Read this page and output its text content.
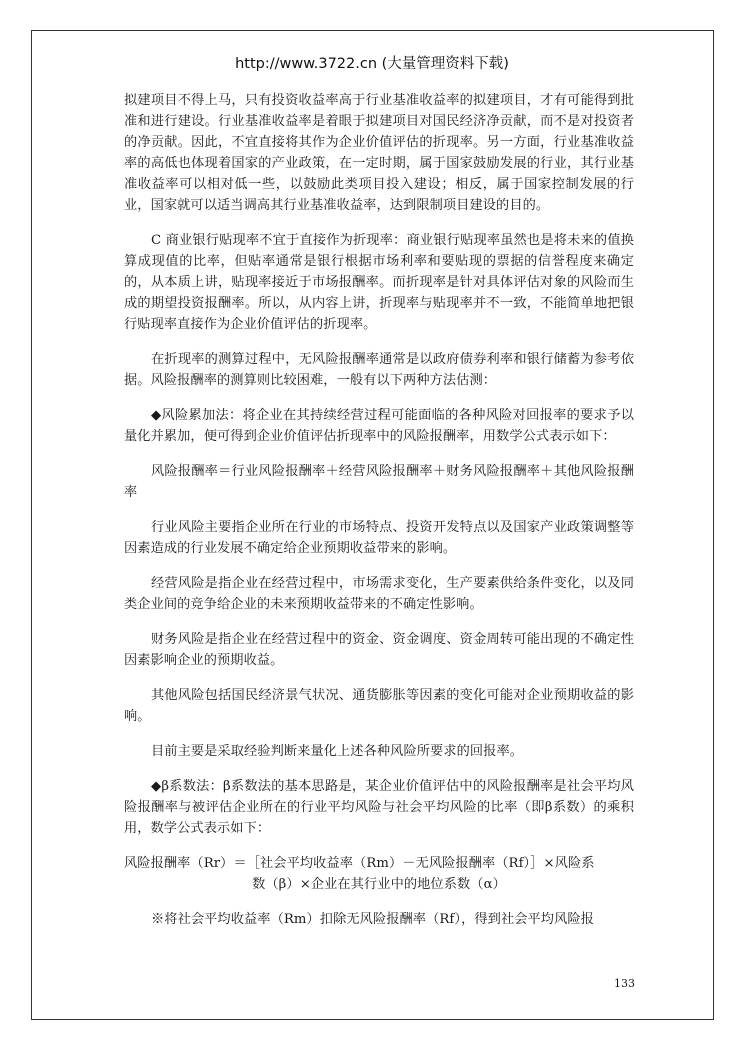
http://www.3722.cn (大量管理资料下载)

拟建项目不得上马，只有投资收益率高于行业基准收益率的拟建项目，才有可能得到批准和进行建设。行业基准收益率是着眼于拟建项目对国民经济净贡献，而不是对投资者的净贡献。因此，不宜直接将其作为企业价值评估的折现率。另一方面，行业基准收益率的高低也体现着国家的产业政策，在一定时期，属于国家鼓励发展的行业，其行业基准收益率可以相对低一些，以鼓励此类项目投入建设；相反，属于国家控制发展的行业，国家就可以适当调高其行业基准收益率，达到限制项目建设的目的。

C 商业银行贴现率不宜于直接作为折现率：商业银行贴现率虽然也是将未来的值换算成现值的比率，但贴率通常是银行根据市场利率和要贴现的票据的信誉程度来确定的，从本质上讲，贴现率接近于市场报酬率。而折现率是针对具体评估对象的风险而生成的期望投资报酬率。所以，从内容上讲，折现率与贴现率并不一致，不能简单地把银行贴现率直接作为企业价值评估的折现率。

在折现率的测算过程中，无风险报酬率通常是以政府债券利率和银行储蓄为参考依据。风险报酬率的测算则比较困难，一般有以下两种方法估测：

◆风险累加法：将企业在其持续经营过程可能面临的各种风险对回报率的要求予以量化并累加，便可得到企业价值评估折现率中的风险报酬率，用数学公式表示如下：

风险报酬率＝行业风险报酬率＋经营风险报酬率＋财务风险报酬率＋其他风险报酬率

行业风险主要指企业所在行业的市场特点、投资开发特点以及国家产业政策调整等因素造成的行业发展不确定给企业预期收益带来的影响。

经营风险是指企业在经营过程中，市场需求变化，生产要素供给条件变化，以及同类企业间的竞争给企业的未来预期收益带来的不确定性影响。

财务风险是指企业在经营过程中的资金、资金调度、资金周转可能出现的不确定性因素影响企业的预期收益。

其他风险包括国民经济景气状况、通货膨胀等因素的变化可能对企业预期收益的影响。

目前主要是采取经验判断来量化上述各种风险所要求的回报率。

◆β系数法：β系数法的基本思路是，某企业价值评估中的风险报酬率是社会平均风险报酬率与被评估企业所在的行业平均风险与社会平均风险的比率（即β系数）的乘积用，数学公式表示如下：

风险报酬率（Rr）＝［社会平均收益率（Rm）－无风险报酬率（Rf）］×风险系

数（β）×企业在其行业中的地位系数（α）

※将社会平均收益率（Rm）扣除无风险报酬率（Rf），得到社会平均风险报

133
